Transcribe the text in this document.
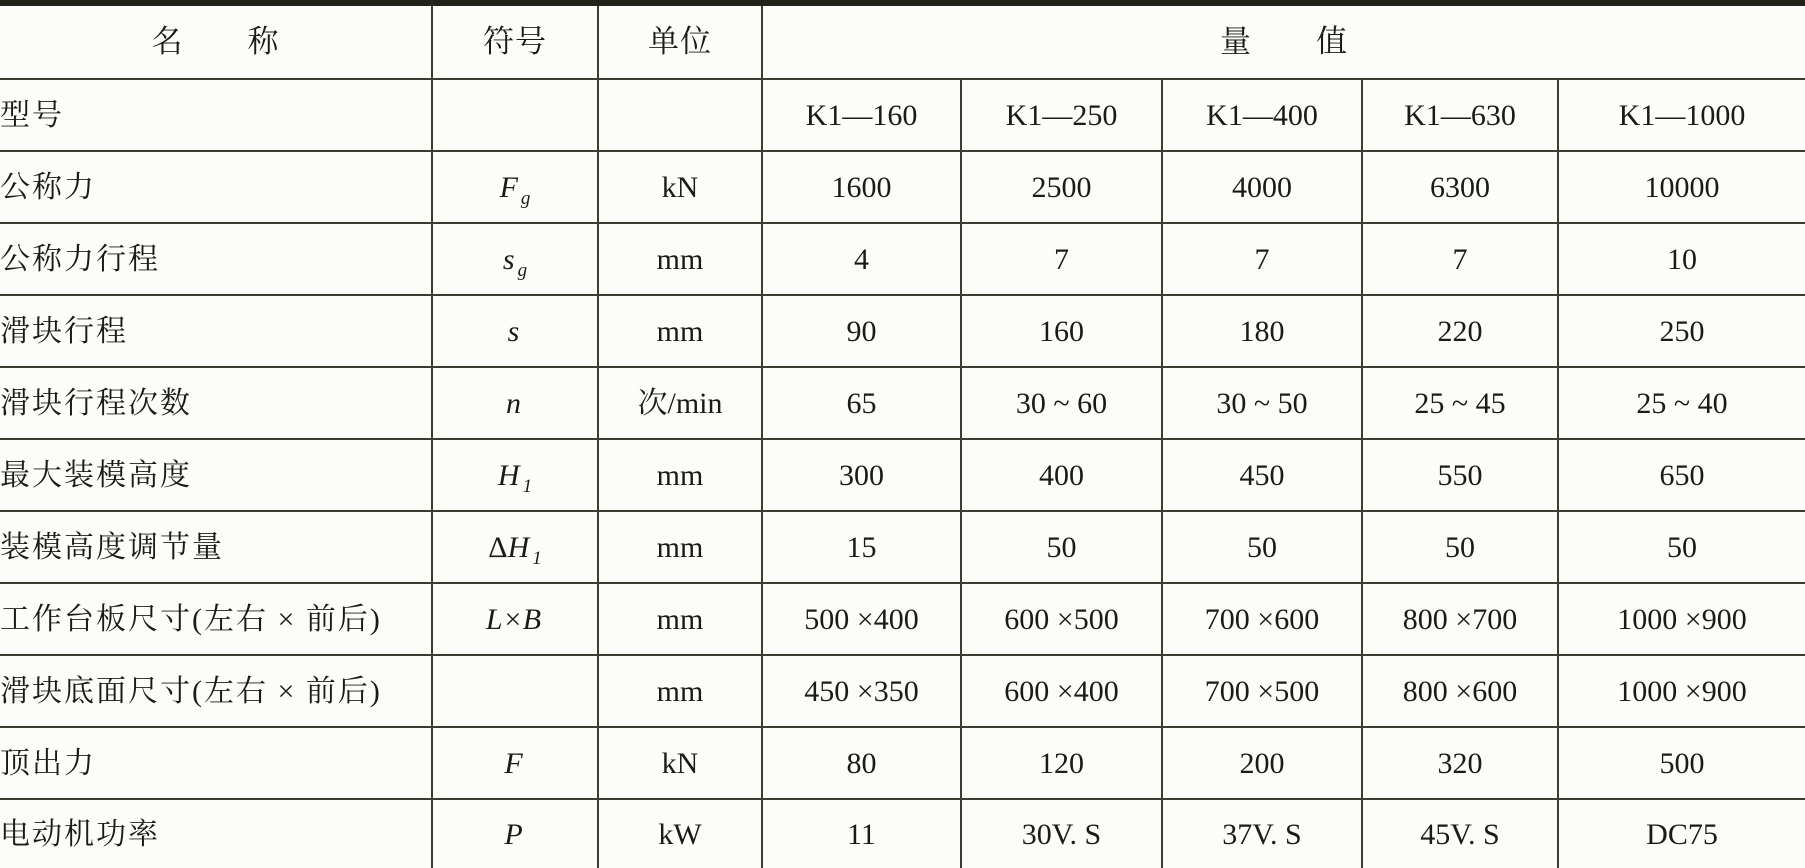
名　　称	符号	单位	量　　值				
型号			K1—160	K1—250	K1—400	K1—630	K1—1000
公称力	F $_g$	kN	1600	2500	4000	6300	10000
公称力行程	s $_g$	mm	4	7	7	7	10
滑块行程	s	mm	90	160	180	220	250
滑块行程次数	n	次/min	65	30 ~ 60	30 ~ 50	25 ~ 45	25 ~ 40
最大装模高度	H $_1$	mm	300	400	450	550	650
装模高度调节量	ΔH $_1$	mm	15	50	50	50	50
工作台板尺寸(左右 × 前后)	L×B	mm	500 ×400	600 ×500	700 ×600	800 ×700	1000 ×900
滑块底面尺寸(左右 × 前后)		mm	450 ×350	600 ×400	700 ×500	800 ×600	1000 ×900
顶出力	F	kN	80	120	200	320	500
电动机功率	P	kW	11	30V. S	37V. S	45V. S	DC75
